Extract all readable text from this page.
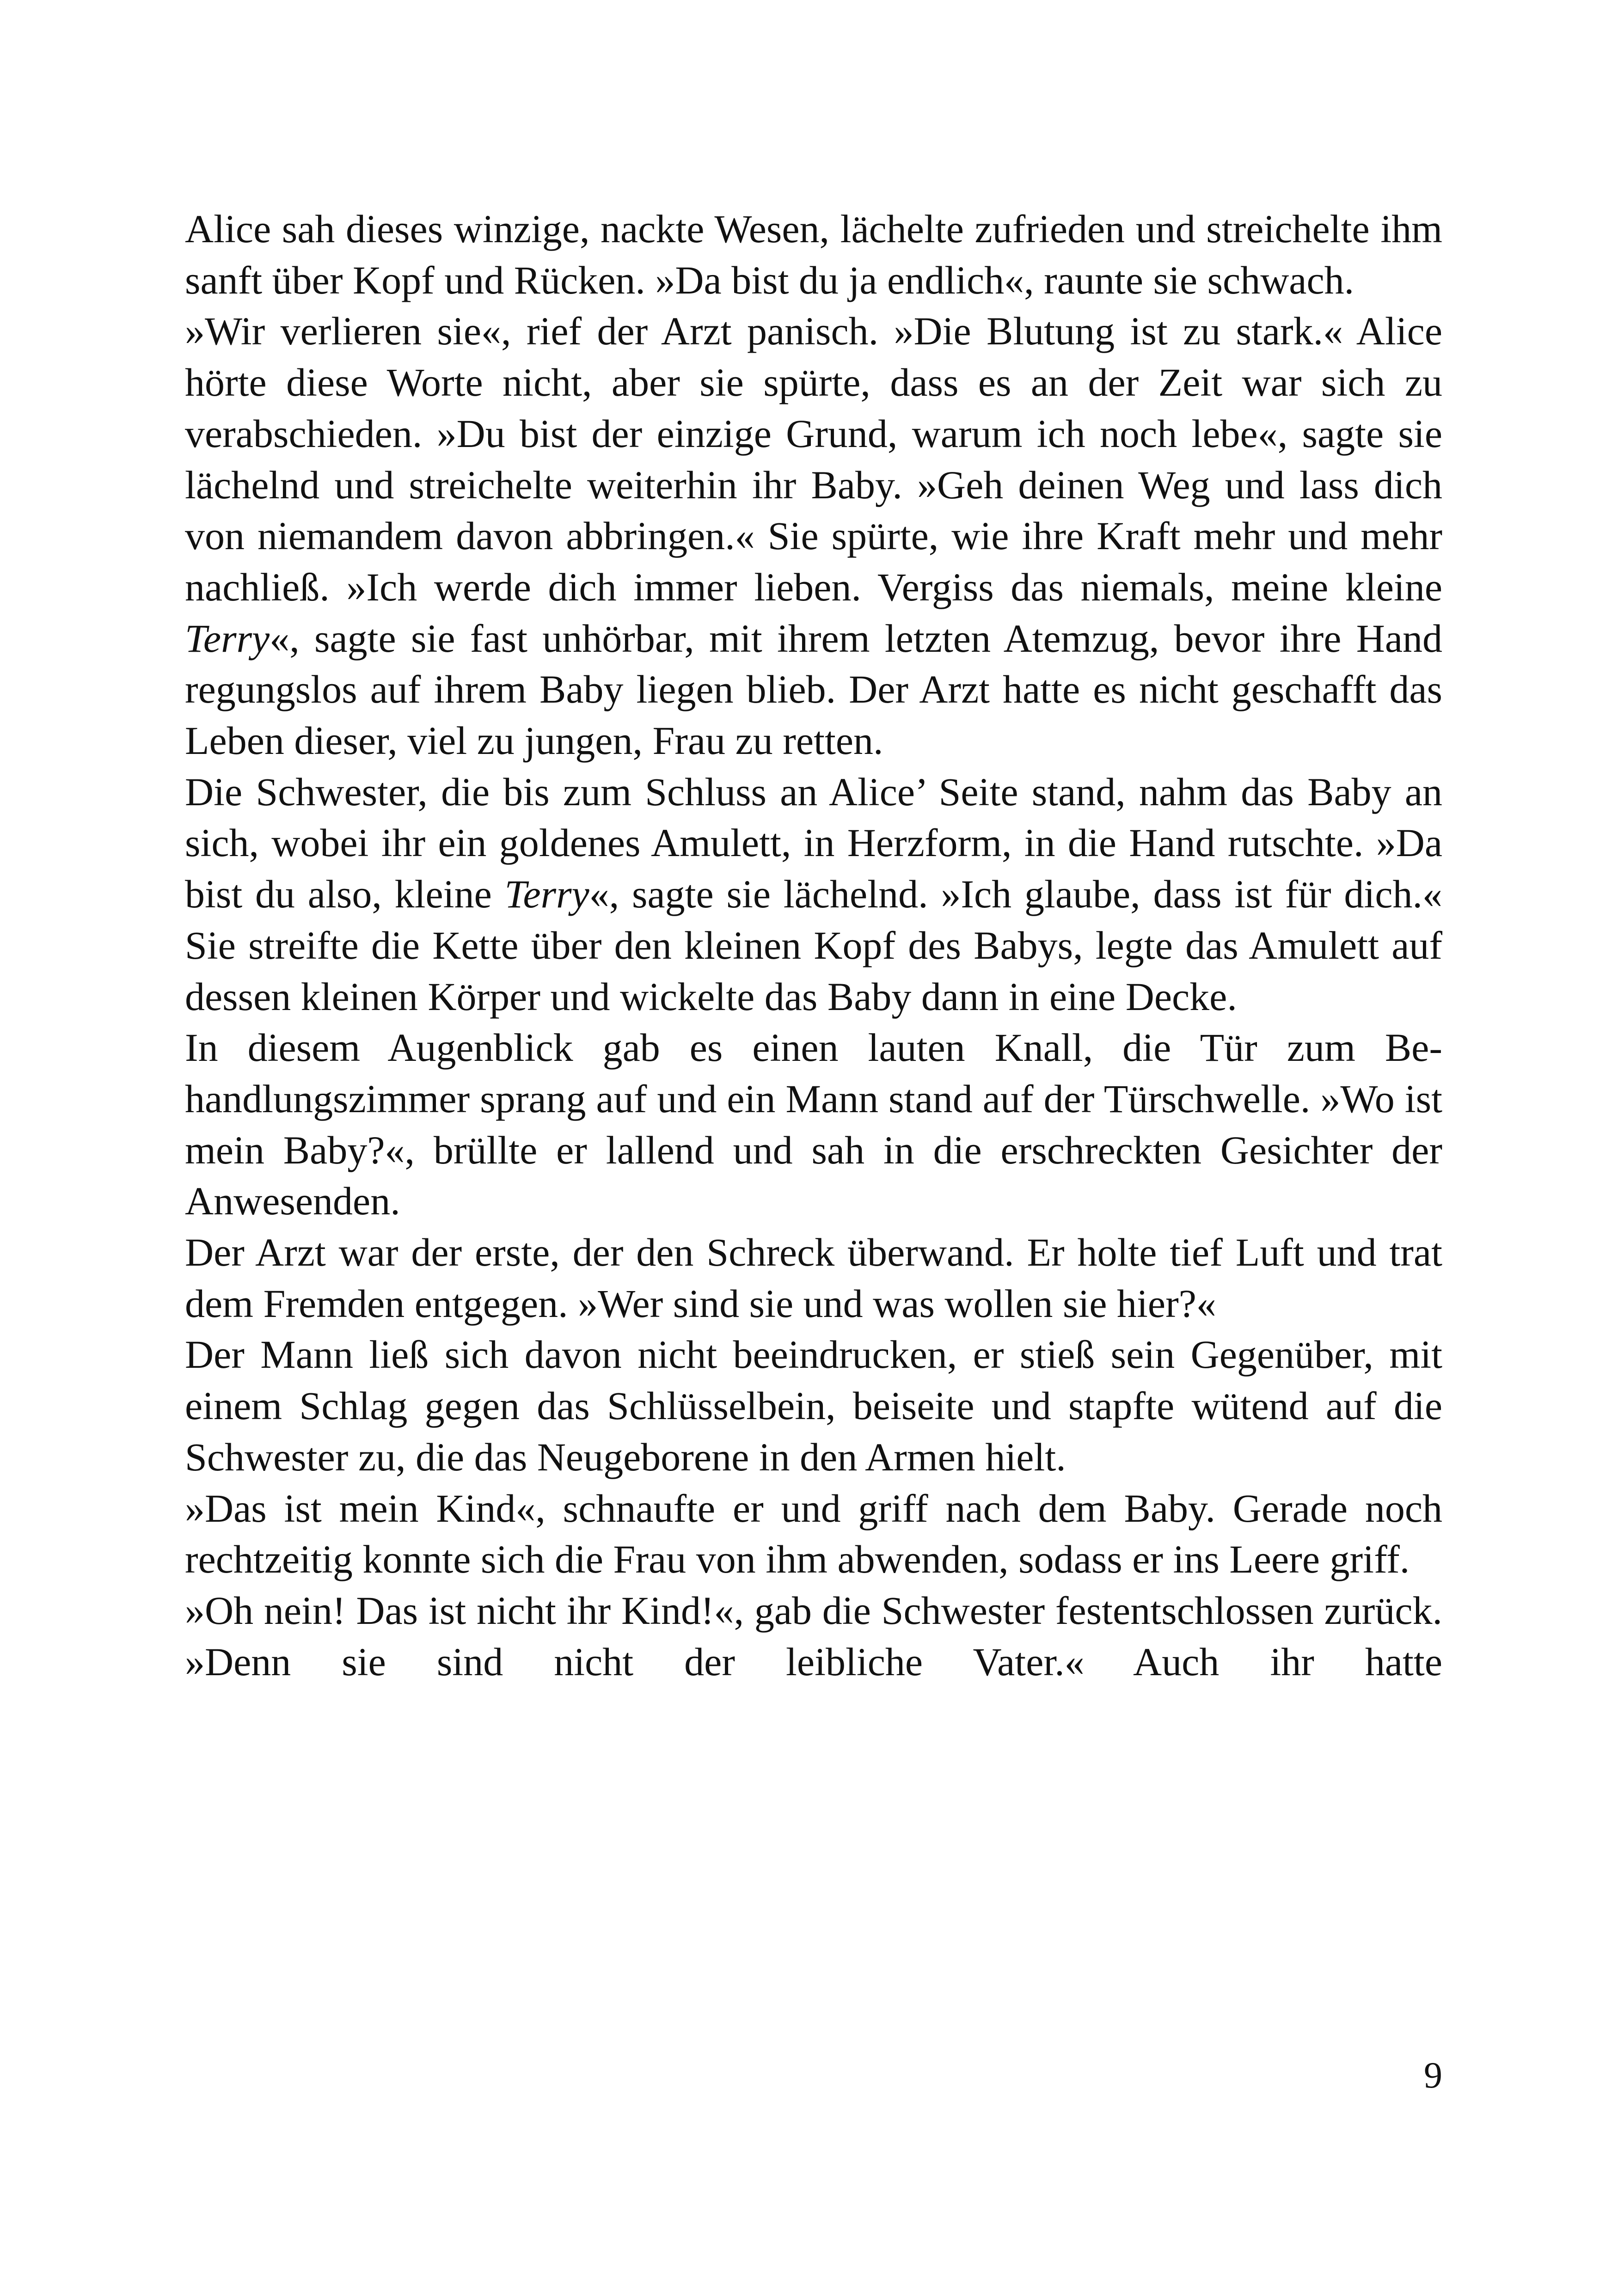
Alice sah dieses winzige, nackte Wesen, lächelte zufrieden und streichelte ihm sanft über Kopf und Rücken. »Da bist du ja endlich«, raunte sie schwach.

»Wir verlieren sie«, rief der Arzt panisch. »Die Blutung ist zu stark.« Alice hörte diese Worte nicht, aber sie spürte, dass es an der Zeit war sich zu verabschieden. »Du bist der einzige Grund, warum ich noch lebe«, sagte sie lächelnd und streichelte weiterhin ihr Baby. »Geh deinen Weg und lass dich von niemandem davon abbringen.« Sie spürte, wie ihre Kraft mehr und mehr nachließ. »Ich werde dich immer lieben. Vergiss das niemals, meine kleine Terry«, sagte sie fast unhörbar, mit ihrem letzten Atemzug, bevor ihre Hand regungslos auf ihrem Baby liegen blieb. Der Arzt hatte es nicht geschafft das Leben dieser, viel zu jungen, Frau zu retten.

Die Schwester, die bis zum Schluss an Alice’ Seite stand, nahm das Baby an sich, wobei ihr ein goldenes Amulett, in Herzform, in die Hand rutschte. »Da bist du also, kleine Terry«, sagte sie lächelnd. »Ich glaube, dass ist für dich.« Sie streifte die Kette über den kleinen Kopf des Babys, legte das Amulett auf dessen kleinen Körper und wickelte das Baby dann in eine Decke.

In diesem Augenblick gab es einen lauten Knall, die Tür zum Behandlungszimmer sprang auf und ein Mann stand auf der Türschwelle. »Wo ist mein Baby?«, brüllte er lallend und sah in die erschreckten Gesichter der Anwesenden.

Der Arzt war der erste, der den Schreck überwand. Er holte tief Luft und trat dem Fremden entgegen. »Wer sind sie und was wollen sie hier?«

Der Mann ließ sich davon nicht beeindrucken, er stieß sein Gegenüber, mit einem Schlag gegen das Schlüsselbein, beiseite und stapfte wütend auf die Schwester zu, die das Neugeborene in den Armen hielt.

»Das ist mein Kind«, schnaufte er und griff nach dem Baby. Gerade noch rechtzeitig konnte sich die Frau von ihm abwenden, sodass er ins Leere griff.

»Oh nein! Das ist nicht ihr Kind!«, gab die Schwester festentschlossen zurück. »Denn sie sind nicht der leibliche Vater.« Auch ihr hatte

9
